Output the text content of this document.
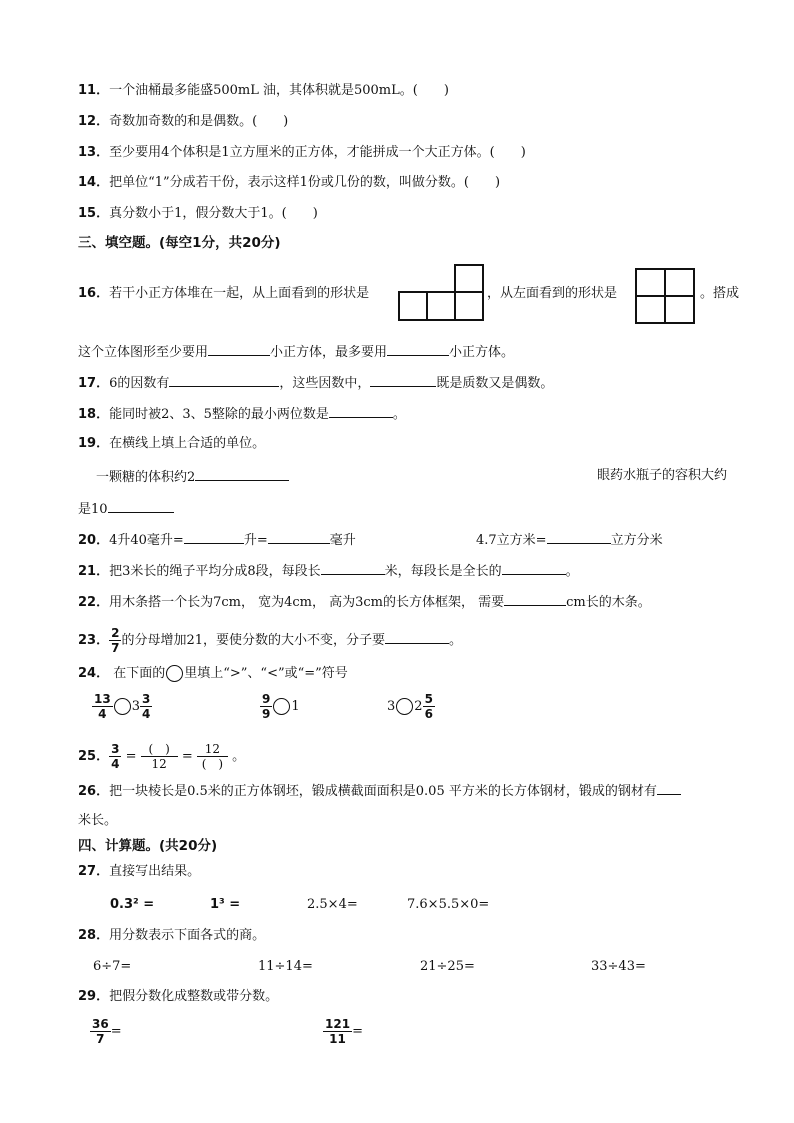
11．一个油桶最多能盛500mL 油，其体积就是500mL。(　　)
12．奇数加奇数的和是偶数。(　　)
13．至少要用4个体积是1立方厘米的正方体，才能拼成一个大正方体。(　　)
14．把单位“1”分成若干份，表示这样1份或几份的数，叫做分数。(　　)
15．真分数小于1，假分数大于1。(　　)
三、填空题。(每空1分，共20分)
16．若干小正方体堆在一起，从上面看到的形状是	，从左面看到的形状是	。搭成
这个立体图形至少要用	小正方体，最多要用	小正方体。
17．6的因数有	，这些因数中，	既是质数又是偶数。
18．能同时被2、3、5整除的最小两位数是	。
19．在横线上填上合适的单位。
一颗糖的体积约2	眼药水瓶子的容积大约
是10
20．4升40毫升=	升=	毫升	4.7立方米=	立方分米
21．把3米长的绳子平均分成8段，每段长	米，每段长是全长的	。
22．用木条搭一个长为7cm， 宽为4cm， 高为3cm的长方体框架， 需要	cm长的木条。
23． $\frac{2}{7}$ 的分母增加21，要使分数的大小不变，分子要	。
24． 在下面的 里填上“>”、“<”或“=”符号
$\frac{13}{4} 3 \frac{3}{4}$	$\frac{9}{9} 1$	3 $2 \frac{5}{6}$
25． $\frac{3}{4} = \frac{( )}{12} = \frac{12}{( )}$ 。
26．把一块棱长是0.5米的正方体钢坯，锻成横截面面积是0.05 平方米的长方体钢材，锻成的钢材有
米长。
四、计算题。(共20分)
27．直接写出结果。
0.3² =	1³ =	2.5×4=	7.6×5.5×0=
28．用分数表示下面各式的商。
6÷7=	11÷14=	21÷25=	33÷43=
29．把假分数化成整数或带分数。
$\frac{36}{7}$ =	$\frac{121}{11}$ =
